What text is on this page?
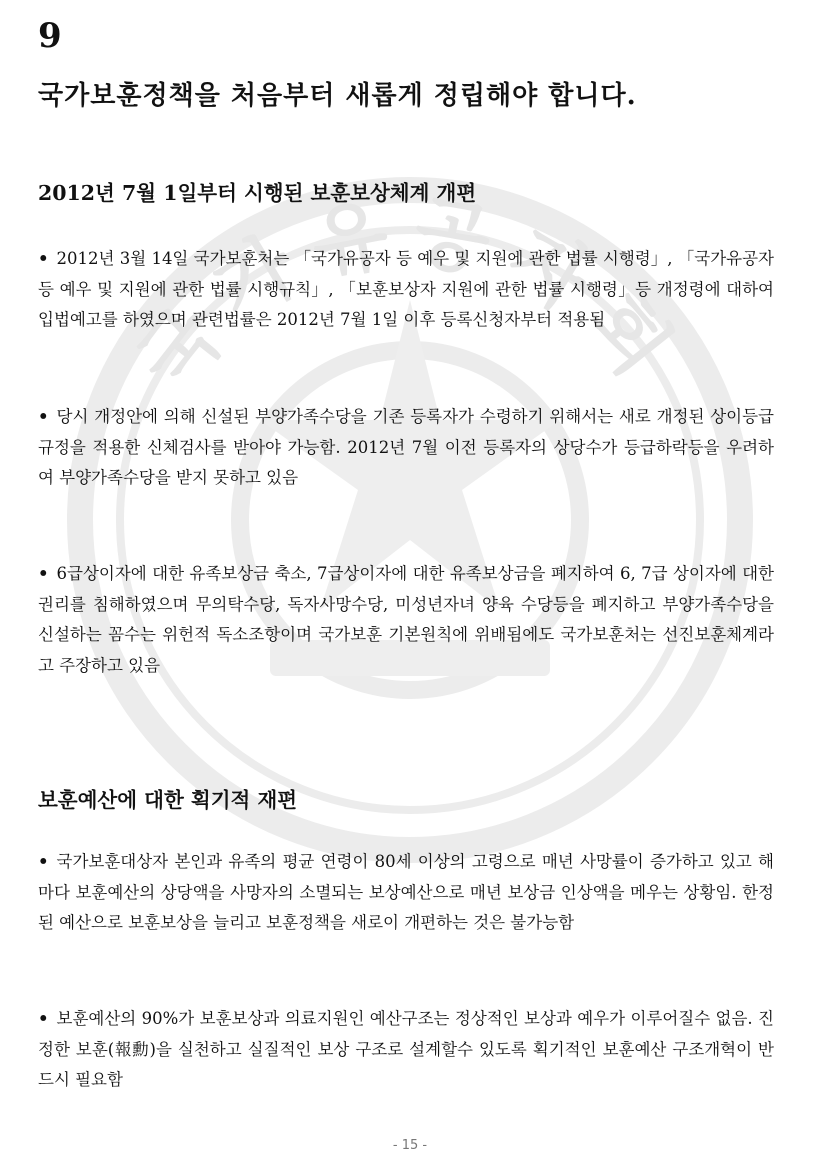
국가유공자회
9
국가보훈정책을 처음부터 새롭게 정립해야 합니다.
2012년 7월 1일부터 시행된 보훈보상체계 개편

• 2012년 3월 14일 국가보훈처는 「국가유공자 등 예우 및 지원에 관한 법률 시행령」, 「국가유공자 등 예우 및 지원에 관한 법률 시행규칙」, 「보훈보상자 지원에 관한 법률 시행령」등 개정령에 대하여 입법예고를 하였으며 관련법률은 2012년 7월 1일 이후 등록신청자부터 적용됨

• 당시 개정안에 의해 신설된 부양가족수당을 기존 등록자가 수령하기 위해서는 새로 개정된 상이등급 규정을 적용한 신체검사를 받아야 가능함. 2012년 7월 이전 등록자의 상당수가 등급하락등을 우려하여 부양가족수당을 받지 못하고 있음

• 6급상이자에 대한 유족보상금 축소, 7급상이자에 대한 유족보상금을 폐지하여 6, 7급 상이자에 대한 권리를 침해하였으며 무의탁수당, 독자사망수당, 미성년자녀 양육 수당등을 폐지하고 부양가족수당을 신설하는 꼼수는 위헌적 독소조항이며 국가보훈 기본원칙에 위배됨에도 국가보훈처는 선진보훈체계라고 주장하고 있음

보훈예산에 대한 획기적 재편

• 국가보훈대상자 본인과 유족의 평균 연령이 80세 이상의 고령으로 매년 사망률이 증가하고 있고 해마다 보훈예산의 상당액을 사망자의 소멸되는 보상예산으로 매년 보상금 인상액을 메우는 상황임. 한정된 예산으로 보훈보상을 늘리고 보훈정책을 새로이 개편하는 것은 불가능함

• 보훈예산의 90%가 보훈보상과 의료지원인 예산구조는 정상적인 보상과 예우가 이루어질수 없음. 진정한 보훈(報勳)을 실천하고 실질적인 보상 구조로 설계할수 있도록 획기적인 보훈예산 구조개혁이 반드시 필요함

- 15 -
